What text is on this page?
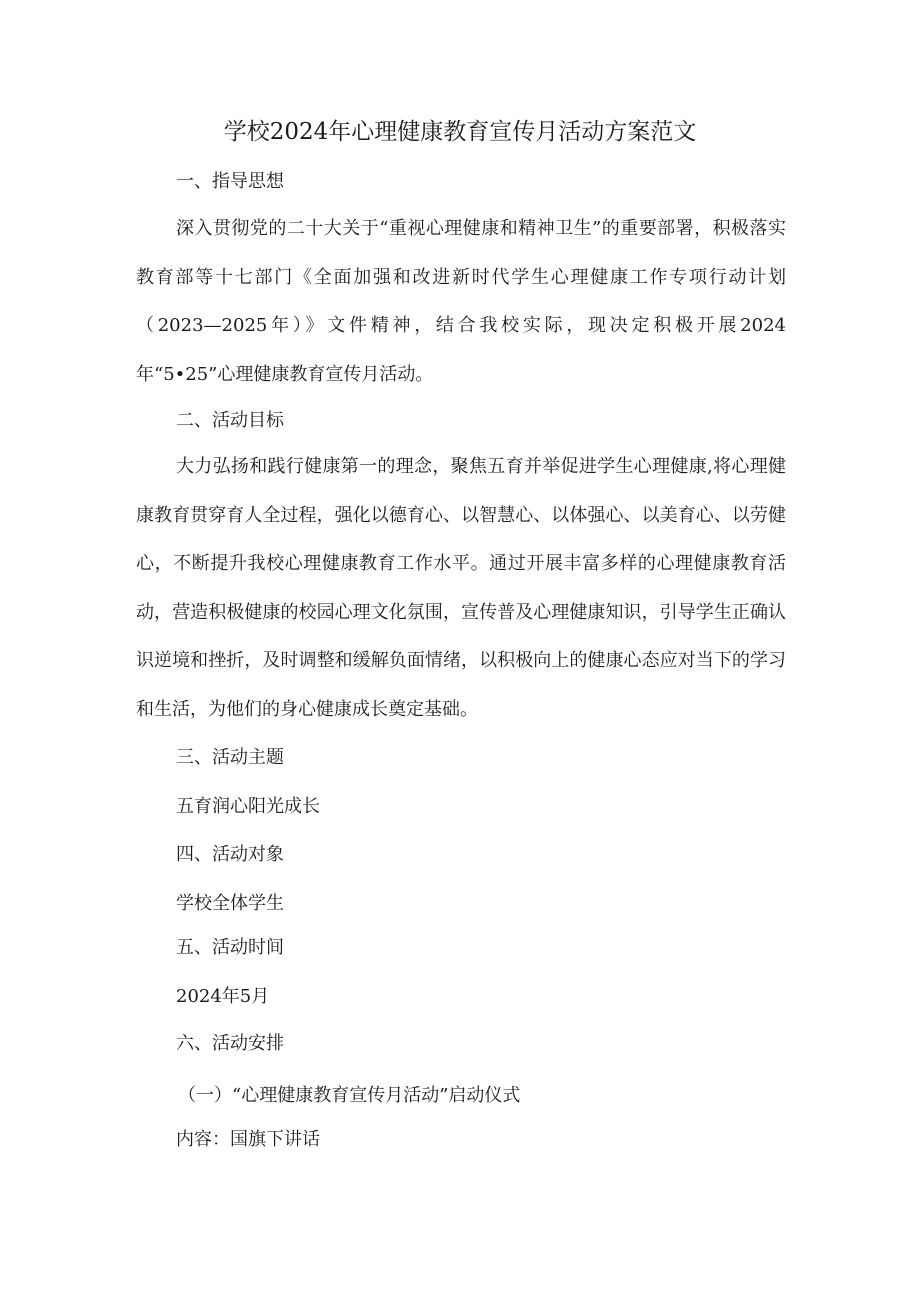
学校2024年心理健康教育宣传月活动方案范文
一、指导思想
深入贯彻党的二十大关于“重视心理健康和精神卫生”的重要部署，积极落实教育部等十七部门《全面加强和改进新时代学生心理健康工作专项行动计划（2023—2025年）》文件精神，结合我校实际，现决定积极开展2024年“5•25”心理健康教育宣传月活动。
二、活动目标
大力弘扬和践行健康第一的理念，聚焦五育并举促进学生心理健康,将心理健康教育贯穿育人全过程，强化以德育心、以智慧心、以体强心、以美育心、以劳健心，不断提升我校心理健康教育工作水平。通过开展丰富多样的心理健康教育活动，营造积极健康的校园心理文化氛围，宣传普及心理健康知识，引导学生正确认识逆境和挫折，及时调整和缓解负面情绪，以积极向上的健康心态应对当下的学习和生活，为他们的身心健康成长奠定基础。
三、活动主题
五育润心阳光成长
四、活动对象
学校全体学生
五、活动时间
2024年5月
六、活动安排
（一）“心理健康教育宣传月活动”启动仪式
内容：国旗下讲话
